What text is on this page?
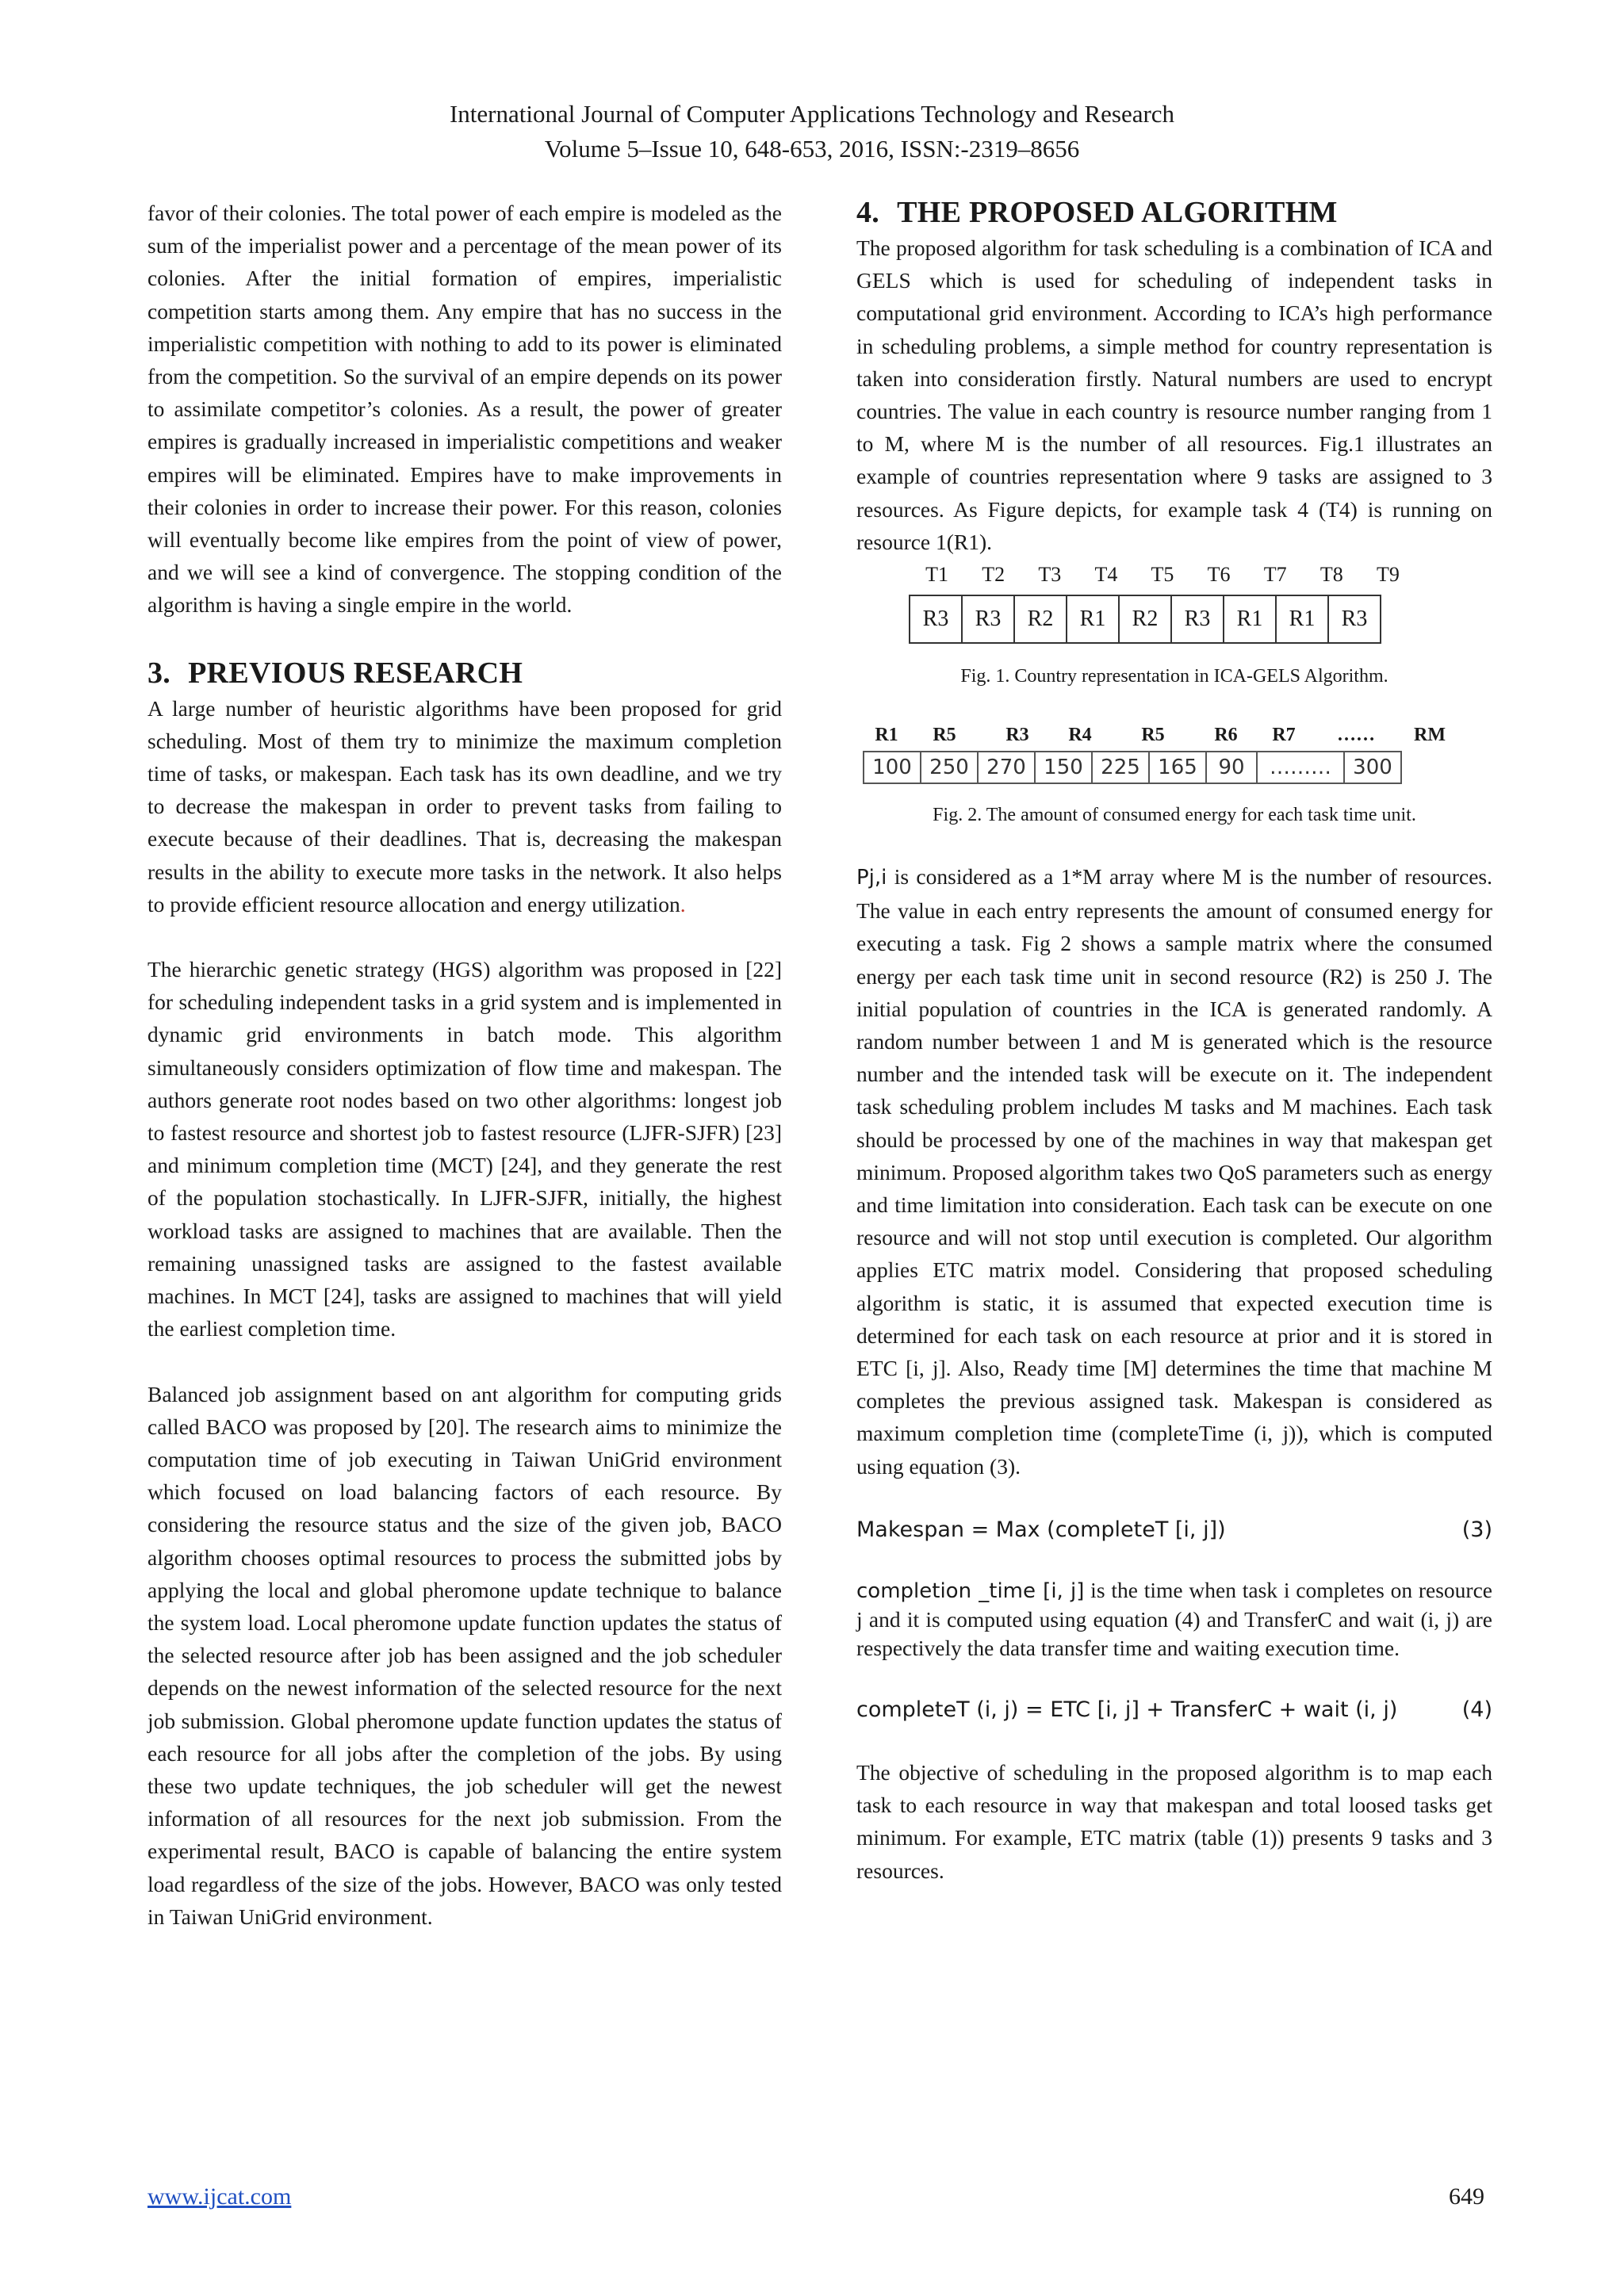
International Journal of Computer Applications Technology and Research
Volume 5–Issue 10, 648-653, 2016, ISSN:-2319–8656

favor of their colonies. The total power of each empire is modeled as the sum of the imperialist power and a percentage of the mean power of its colonies. After the initial formation of empires, imperialistic competition starts among them. Any empire that has no success in the imperialistic competition with nothing to add to its power is eliminated from the competition. So the survival of an empire depends on its power to assimilate competitor’s colonies. As a result, the power of greater empires is gradually increased in imperialistic competitions and weaker empires will be eliminated. Empires have to make improvements in their colonies in order to increase their power. For this reason, colonies will eventually become like empires from the point of view of power, and we will see a kind of convergence. The stopping condition of the algorithm is having a single empire in the world.

3. PREVIOUS RESEARCH

A large number of heuristic algorithms have been proposed for grid scheduling. Most of them try to minimize the maximum completion time of tasks, or makespan. Each task has its own deadline, and we try to decrease the makespan in order to prevent tasks from failing to execute because of their deadlines. That is, decreasing the makespan results in the ability to execute more tasks in the network. It also helps to provide efficient resource allocation and energy utilization.

The hierarchic genetic strategy (HGS) algorithm was proposed in [22] for scheduling independent tasks in a grid system and is implemented in dynamic grid environments in batch mode. This algorithm simultaneously considers optimization of flow time and makespan. The authors generate root nodes based on two other algorithms: longest job to fastest resource and shortest job to fastest resource (LJFR-SJFR) [23] and minimum completion time (MCT) [24], and they generate the rest of the population stochastically. In LJFR-SJFR, initially, the highest workload tasks are assigned to machines that are available. Then the remaining unassigned tasks are assigned to the fastest available machines. In MCT [24], tasks are assigned to machines that will yield the earliest completion time.

Balanced job assignment based on ant algorithm for computing grids called BACO was proposed by [20]. The research aims to minimize the computation time of job executing in Taiwan UniGrid environment which focused on load balancing factors of each resource. By considering the resource status and the size of the given job, BACO algorithm chooses optimal resources to process the submitted jobs by applying the local and global pheromone update technique to balance the system load. Local pheromone update function updates the status of the selected resource after job has been assigned and the job scheduler depends on the newest information of the selected resource for the next job submission. Global pheromone update function updates the status of each resource for all jobs after the completion of the jobs. By using these two update techniques, the job scheduler will get the newest information of all resources for the next job submission. From the experimental result, BACO is capable of balancing the entire system load regardless of the size of the jobs. However, BACO was only tested in Taiwan UniGrid environment.

4. THE PROPOSED ALGORITHM

The proposed algorithm for task scheduling is a combination of ICA and GELS which is used for scheduling of independent tasks in computational grid environment. According to ICA’s high performance in scheduling problems, a simple method for country representation is taken into consideration firstly. Natural numbers are used to encrypt countries. The value in each country is resource number ranging from 1 to M, where M is the number of all resources. Fig.1 illustrates an example of countries representation where 9 tasks are assigned to 3 resources. As Figure depicts, for example task 4 (T4) is running on resource 1(R1).

T1	T2	T3	T4	T5	T6	T7	T8	T9
R3	R3	R2	R1	R2	R3	R1	R1	R3
Fig. 1. Country representation in ICA-GELS Algorithm.
R1	R5	R3	R4	R5	R6	R7	……	RM
100	250	270	150	225	165	90	………	300
Fig. 2. The amount of consumed energy for each task time unit.

Pj,i is considered as a 1*M array where M is the number of resources. The value in each entry represents the amount of consumed energy for executing a task. Fig 2 shows a sample matrix where the consumed energy per each task time unit in second resource (R2) is 250 J. The initial population of countries in the ICA is generated randomly. A random number between 1 and M is generated which is the resource number and the intended task will be execute on it. The independent task scheduling problem includes M tasks and M machines. Each task should be processed by one of the machines in way that makespan get minimum. Proposed algorithm takes two QoS parameters such as energy and time limitation into consideration. Each task can be execute on one resource and will not stop until execution is completed. Our algorithm applies ETC matrix model. Considering that proposed scheduling algorithm is static, it is assumed that expected execution time is determined for each task on each resource at prior and it is stored in ETC [i, j]. Also, Ready time [M] determines the time that machine M completes the previous assigned task. Makespan is considered as maximum completion time (completeTime (i, j)), which is computed using equation (3).

Makespan = Max (completeT [i, j])	(3)

completion _time [i, j] is the time when task i completes on resource j and it is computed using equation (4) and TransferC and wait (i, j) are respectively the data transfer time and waiting execution time.

completeT (i, j) = ETC [i, j] + TransferC + wait (i, j)	(4)

The objective of scheduling in the proposed algorithm is to map each task to each resource in way that makespan and total loosed tasks get minimum. For example, ETC matrix (table (1)) presents 9 tasks and 3 resources.

www.ijcat.com	649
